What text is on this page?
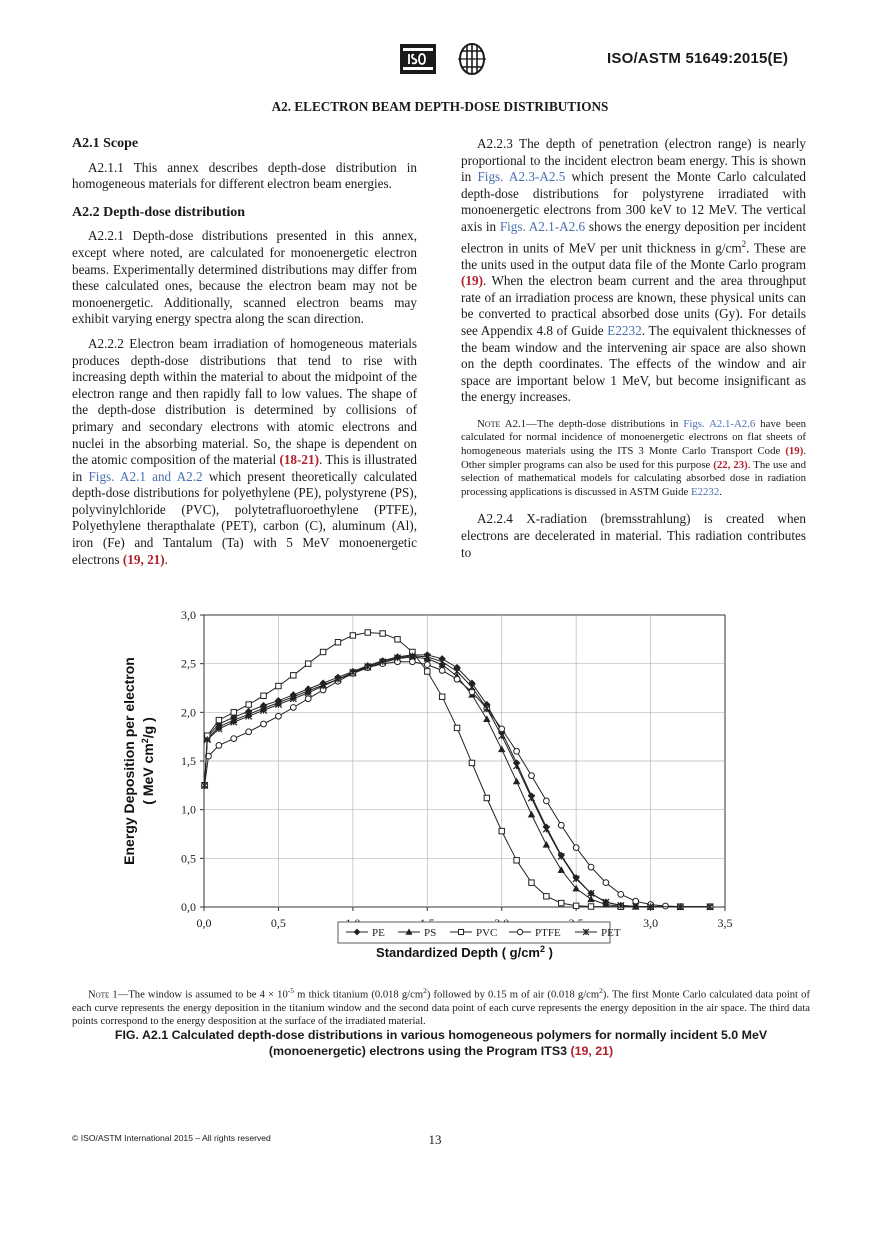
ISO/ASTM 51649:2015(E)
A2. ELECTRON BEAM DEPTH-DOSE DISTRIBUTIONS
A2.1 Scope

A2.1.1 This annex describes depth-dose distribution in homogeneous materials for different electron beam energies.

A2.2 Depth-dose distribution

A2.2.1 Depth-dose distributions presented in this annex, except where noted, are calculated for monoenergetic electron beams. Experimentally determined distributions may differ from these calculated ones, because the electron beam may not be monoenergetic. Additionally, scanned electron beams may exhibit varying energy spectra along the scan direction.

A2.2.2 Electron beam irradiation of homogeneous materials produces depth-dose distributions that tend to rise with increasing depth within the material to about the midpoint of the electron range and then rapidly fall to low values. The shape of the depth-dose distribution is determined by collisions of primary and secondary electrons with atomic electrons and nuclei in the absorbing material. So, the shape is dependent on the atomic composition of the material (18-21). This is illustrated in Figs. A2.1 and A2.2 which present theoretically calculated depth-dose distributions for polyethylene (PE), polystyrene (PS), polyvinylchloride (PVC), polytetrafluoroethylene (PTFE), Polyethylene therapthalate (PET), carbon (C), aluminum (Al), iron (Fe) and Tantalum (Ta) with 5 MeV monoenergetic electrons (19, 21).

A2.2.3 The depth of penetration (electron range) is nearly proportional to the incident electron beam energy. This is shown in Figs. A2.3-A2.5 which present the Monte Carlo calculated depth-dose distributions for polystyrene irradiated with monoenergetic electrons from 300 keV to 12 MeV. The vertical axis in Figs. A2.1-A2.6 shows the energy deposition per incident electron in units of MeV per unit thickness in $g/cm^2$. These are the units used in the output data file of the Monte Carlo program (19). When the electron beam current and the area throughput rate of an irradiation process are known, these physical units can be converted to practical absorbed dose units (Gy). For details see Appendix 4.8 of Guide E2232. The equivalent thicknesses of the beam window and the intervening air space are also shown on the depth coordinates. The effects of the window and air space are important below 1 MeV, but become insignificant as the energy increases.

Note A2.1—The depth-dose distributions in Figs. A2.1-A2.6 have been calculated for normal incidence of monoenergetic electrons on flat sheets of homogeneous materials using the ITS 3 Monte Carlo Transport Code (19). Other simpler programs can also be used for this purpose (22, 23). The use and selection of mathematical models for calculating absorbed dose in radiation processing applications is discussed in ASTM Guide E2232.

A2.2.4 X-radiation (bremsstrahlung) is created when electrons are decelerated in material. This radiation contributes to

0,0
0,5
1,0
1,5
2,0
2,5
3,0
0,0	0,5	3,0	3,5
Standardized Depth ( $g/cm^2$ )
Energy Deposition per electron ( MeV $cm^2/g$ )
PE	PS	PVC	PTFE	PET
Note 1—The window is assumed to be $4 \times 10^{-5}$ m thick titanium (0.018 $g/cm^2$) followed by 0.15 m of air (0.018 $g/cm^2$). The first Monte Carlo calculated data point of each curve represents the energy deposition in the titanium window and the second data point of each curve represents the energy deposition in the air space. The third data points correspond to the energy desposition at the surface of the irradiated material.
FIG. A2.1 Calculated depth-dose distributions in various homogeneous polymers for normally incident 5.0 MeV (monoenergetic) electrons using the Program ITS3 (19, 21)
© ISO/ASTM International 2015 – All rights reserved	13
